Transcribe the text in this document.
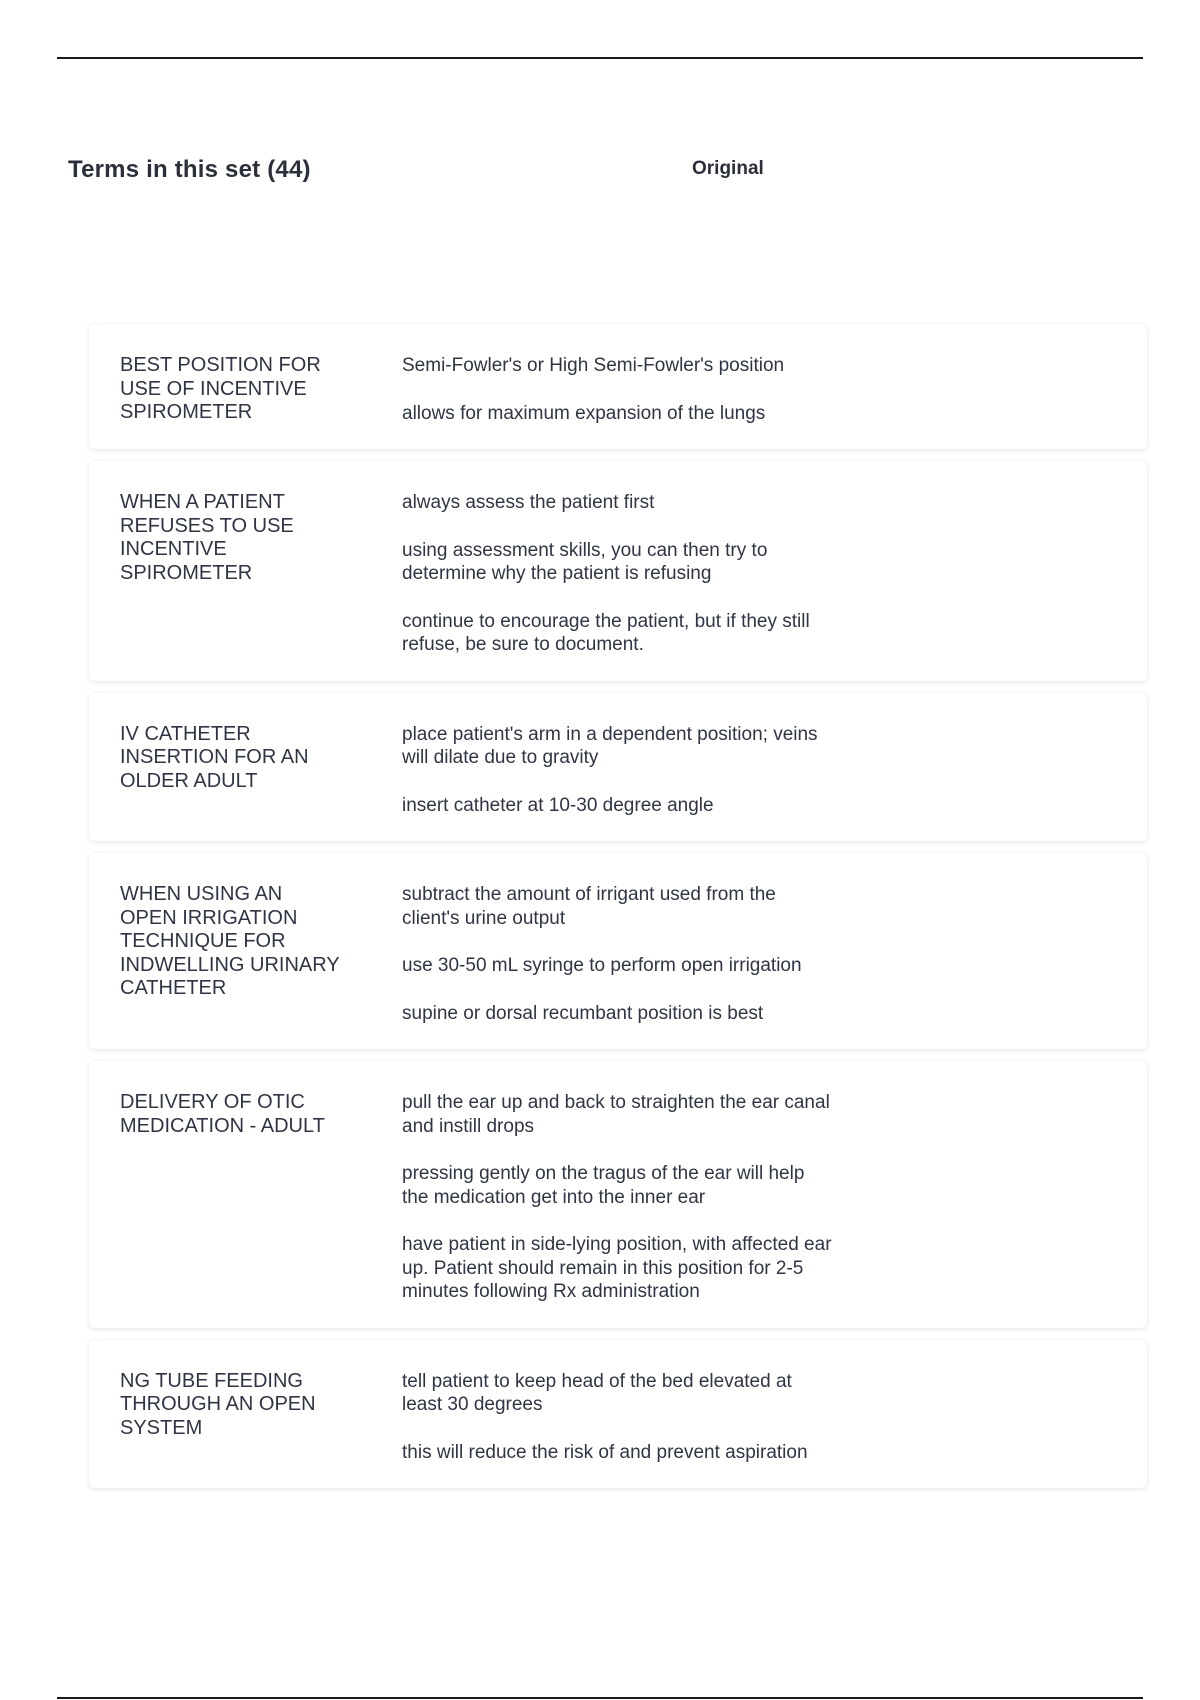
Terms in this set (44)	Original
BEST POSITION FOR
USE OF INCENTIVE
SPIROMETER

Semi-Fowler's or High Semi-Fowler's position

allows for maximum expansion of the lungs

WHEN A PATIENT
REFUSES TO USE
INCENTIVE
SPIROMETER

always assess the patient first

using assessment skills, you can then try to
determine why the patient is refusing

continue to encourage the patient, but if they still
refuse, be sure to document.

IV CATHETER
INSERTION FOR AN
OLDER ADULT

place patient's arm in a dependent position; veins
will dilate due to gravity

insert catheter at 10-30 degree angle

WHEN USING AN
OPEN IRRIGATION
TECHNIQUE FOR
INDWELLING URINARY
CATHETER

subtract the amount of irrigant used from the
client's urine output

use 30-50 mL syringe to perform open irrigation

supine or dorsal recumbant position is best

DELIVERY OF OTIC
MEDICATION - ADULT

pull the ear up and back to straighten the ear canal
and instill drops

pressing gently on the tragus of the ear will help
the medication get into the inner ear

have patient in side-lying position, with affected ear
up. Patient should remain in this position for 2-5
minutes following Rx administration

NG TUBE FEEDING
THROUGH AN OPEN
SYSTEM

tell patient to keep head of the bed elevated at
least 30 degrees

this will reduce the risk of and prevent aspiration
